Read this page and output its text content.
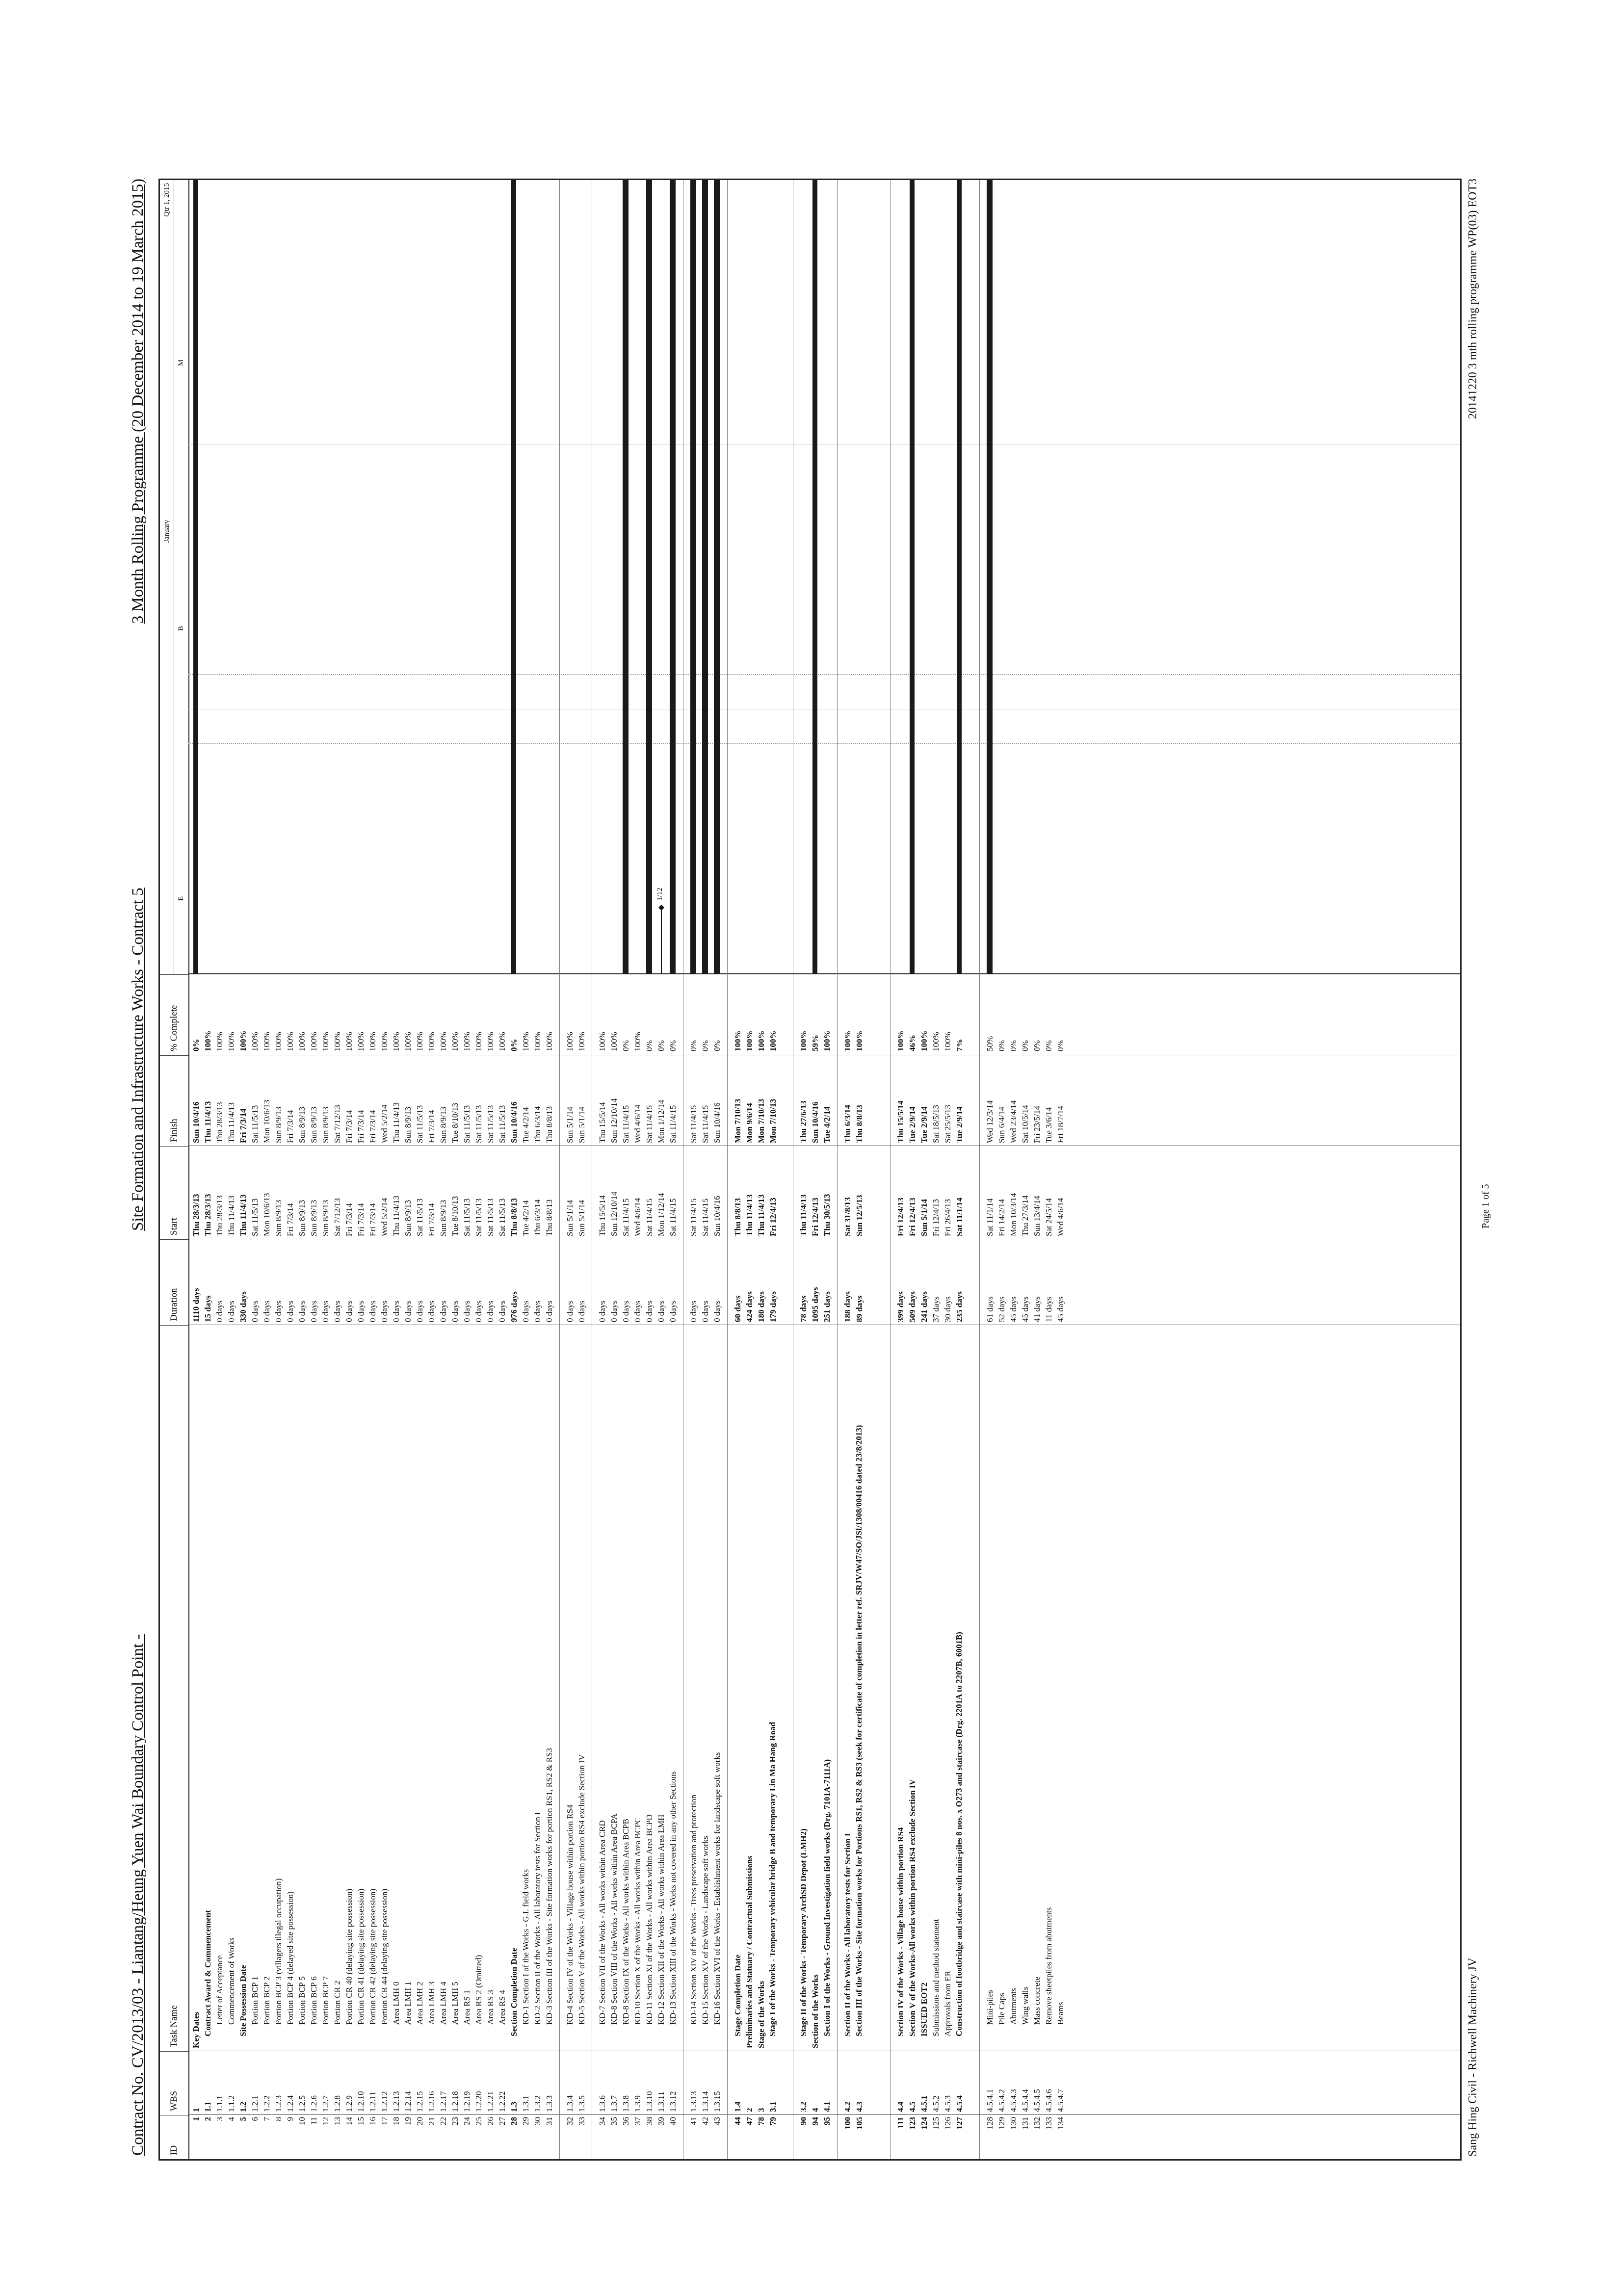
Contract No. CV/2013/03 - Liantang/Heung Yuen Wai Boundary Control Point -
Site Formation and Infrastructure Works - Contract 5
3 Month Rolling Programme (20 December 2014 to 19 March 2015)
ID
WBS
Task Name
Duration
Start
Finish
% Complete
Qtr 1, 2015
January
E
B
M
1
1
Key Dates
1110 days
Thu 28/3/13
Sun 10/4/16
0%
2
1.1
Contract Award & Commencement
15 days
Thu 28/3/13
Thu 11/4/13
100%
3
1.1.1
Letter of Acceptance
0 days
Thu 28/3/13
Thu 28/3/13
100%
4
1.1.2
Commencement of Works
0 days
Thu 11/4/13
Thu 11/4/13
100%
5
1.2
Site Possession Date
330 days
Thu 11/4/13
Fri 7/3/14
100%
6
1.2.1
Portion BCP 1
0 days
Sat 11/5/13
Sat 11/5/13
100%
7
1.2.2
Portion BCP 2
0 days
Mon 10/6/13
Mon 10/6/13
100%
8
1.2.3
Portion BCP 3 (villagers illegal occupation)
0 days
Sun 8/9/13
Sun 8/9/13
100%
9
1.2.4
Portion BCP 4 (delayed site possession)
0 days
Fri 7/3/14
Fri 7/3/14
100%
10
1.2.5
Portion BCP 5
0 days
Sun 8/9/13
Sun 8/9/13
100%
11
1.2.6
Portion BCP 6
0 days
Sun 8/9/13
Sun 8/9/13
100%
12
1.2.7
Portion BCP 7
0 days
Sun 8/9/13
Sun 8/9/13
100%
13
1.2.8
Portion CR 2
0 days
Sat 7/12/13
Sat 7/12/13
100%
14
1.2.9
Portion CR 40 (delaying site possession)
0 days
Fri 7/3/14
Fri 7/3/14
100%
15
1.2.10
Portion CR 41 (delaying site possession)
0 days
Fri 7/3/14
Fri 7/3/14
100%
16
1.2.11
Portion CR 42 (delaying site possession)
0 days
Fri 7/3/14
Fri 7/3/14
100%
17
1.2.12
Portion CR 44 (delaying site possession)
0 days
Wed 5/2/14
Wed 5/2/14
100%
18
1.2.13
Area LMH 0
0 days
Thu 11/4/13
Thu 11/4/13
100%
19
1.2.14
Area LMH 1
0 days
Sun 8/9/13
Sun 8/9/13
100%
20
1.2.15
Area LMH 2
0 days
Sat 11/5/13
Sat 11/5/13
100%
21
1.2.16
Area LMH 3
0 days
Fri 7/3/14
Fri 7/3/14
100%
22
1.2.17
Area LMH 4
0 days
Sun 8/9/13
Sun 8/9/13
100%
23
1.2.18
Area LMH 5
0 days
Tue 8/10/13
Tue 8/10/13
100%
24
1.2.19
Area RS 1
0 days
Sat 11/5/13
Sat 11/5/13
100%
25
1.2.20
Area RS 2 (Omitted)
0 days
Sat 11/5/13
Sat 11/5/13
100%
26
1.2.21
Area RS 3
0 days
Sat 11/5/13
Sat 11/5/13
100%
27
1.2.22
Area RS 4
0 days
Sat 11/5/13
Sat 11/5/13
100%
28
1.3
Section Completion Date
976 days
Thu 8/8/13
Sun 10/4/16
0%
29
1.3.1
KD-1 Section I of the Works - G.I. field works
0 days
Tue 4/2/14
Tue 4/2/14
100%
30
1.3.2
KD-2 Section II of the Works - All laboratory tests for Section I
0 days
Thu 6/3/14
Thu 6/3/14
100%
31
1.3.3
KD-3 Section III of the Works - Site formation works for portion RS1, RS2 & RS3
0 days
Thu 8/8/13
Thu 8/8/13
100%
32
1.3.4
KD-4 Section IV of the Works - Village house within portion RS4
0 days
Sun 5/1/14
Sun 5/1/14
100%
33
1.3.5
KD-5 Section V of the Works - All works within portion RS4 exclude Section IV
0 days
Sun 5/1/14
Sun 5/1/14
100%
34
1.3.6
KD-7 Section VII of the Works - All works within Area CRD
0 days
Thu 15/5/14
Thu 15/5/14
100%
35
1.3.7
KD-8 Section VIII of the Works - All works within Area BCPA
0 days
Sun 12/10/14
Sun 12/10/14
100%
36
1.3.8
KD-8 Section IX of the Works - All works within Area BCPB
0 days
Sat 11/4/15
Sat 11/4/15
0%
37
1.3.9
KD-10 Section X of the Works - All works within Area BCPC
0 days
Wed 4/6/14
Wed 4/6/14
100%
38
1.3.10
KD-11 Section XI of the Works - All works within Area BCPD
0 days
Sat 11/4/15
Sat 11/4/15
0%
39
1.3.11
KD-12 Section XII of the Works - All works within Area LMH
0 days
Mon 1/12/14
Mon 1/12/14
0%
40
1.3.12
KD-13 Section XIII of the Works - Works not covered in any other Sections
0 days
Sat 11/4/15
Sat 11/4/15
0%
41
1.3.13
KD-14 Section XIV of the Works - Trees preservation and protection
0 days
Sat 11/4/15
Sat 11/4/15
0%
42
1.3.14
KD-15 Section XV of the Works - Landscape soft works
0 days
Sat 11/4/15
Sat 11/4/15
0%
43
1.3.15
KD-16 Section XVI of the Works - Establishment works for landscape soft works
0 days
Sun 10/4/16
Sun 10/4/16
0%
44
1.4
Stage Completion Date
60 days
Thu 8/8/13
Mon 7/10/13
100%
47
2
Preliminaries and Statuary / Contractual Submissions
424 days
Thu 11/4/13
Mon 9/6/14
100%
78
3
Stage of the Works
180 days
Thu 11/4/13
Mon 7/10/13
100%
79
3.1
Stage I of the Works - Temporary vehicular bridge B and temporary Lin Ma Hang Road
179 days
Fri 12/4/13
Mon 7/10/13
100%
90
3.2
Stage II of the Works - Temporary ArchSD Depot (LMH2)
78 days
Thu 11/4/13
Thu 27/6/13
100%
94
4
Section of the Works
1095 days
Fri 12/4/13
Sun 10/4/16
59%
95
4.1
Section I of the Works - Ground Investigation field works (Drg. 7101A-7111A)
251 days
Thu 30/5/13
Tue 4/2/14
100%
100
4.2
Section II of the Works - All laboratory tests for Section I
188 days
Sat 31/8/13
Thu 6/3/14
100%
105
4.3
Section III of the Works - Site formation works for Portions RS1, RS2 & RS3 (seek for certificate of completion in letter ref. SRJV/W47/SO/JSf/1308/00416 dated 23/8/2013)
89 days
Sun 12/5/13
Thu 8/8/13
100%
111
4.4
Section IV of the Works - Village house within portion RS4
399 days
Fri 12/4/13
Thu 15/5/14
100%
123
4.5
Section V of the Works-All works within portion RS4 exclude Section IV
509 days
Fri 12/4/13
Tue 2/9/14
46%
124
4.5.1
ISSUED EOT2
241 days
Sun 5/1/14
Tue 2/9/14
100%
125
4.5.2
Submissions and method statement
37 days
Fri 12/4/13
Sat 18/5/13
100%
126
4.5.3
Approvals from ER
30 days
Fri 26/4/13
Sat 25/5/13
100%
127
4.5.4
Construction of footbridge and staircase with mini-piles 8 nos. x O273 and staircase (Drg. 2201A to 2207B, 6001B)
235 days
Sat 11/1/14
Tue 2/9/14
7%
128
4.5.4.1
Mini-piles
61 days
Sat 11/1/14
Wed 12/3/14
50%
129
4.5.4.2
Pile Caps
52 days
Fri 14/2/14
Sun 6/4/14
0%
130
4.5.4.3
Abutments
45 days
Mon 10/3/14
Wed 23/4/14
0%
131
4.5.4.4
Wing walls
45 days
Thu 27/3/14
Sat 10/5/14
0%
132
4.5.4.5
Mass concrete
41 days
Sun 13/4/14
Fri 23/5/14
0%
133
4.5.4.6
Remove sheetpiles from abutments
11 days
Sat 24/5/14
Tue 3/6/14
0%
134
4.5.4.7
Beams
45 days
Wed 4/6/14
Fri 18/7/14
0%
1/12
Sang Hing Civil - Richwell Machinery JV
Page 1 of 5
20141220 3 mth rolling programme WP(03) EOT3
